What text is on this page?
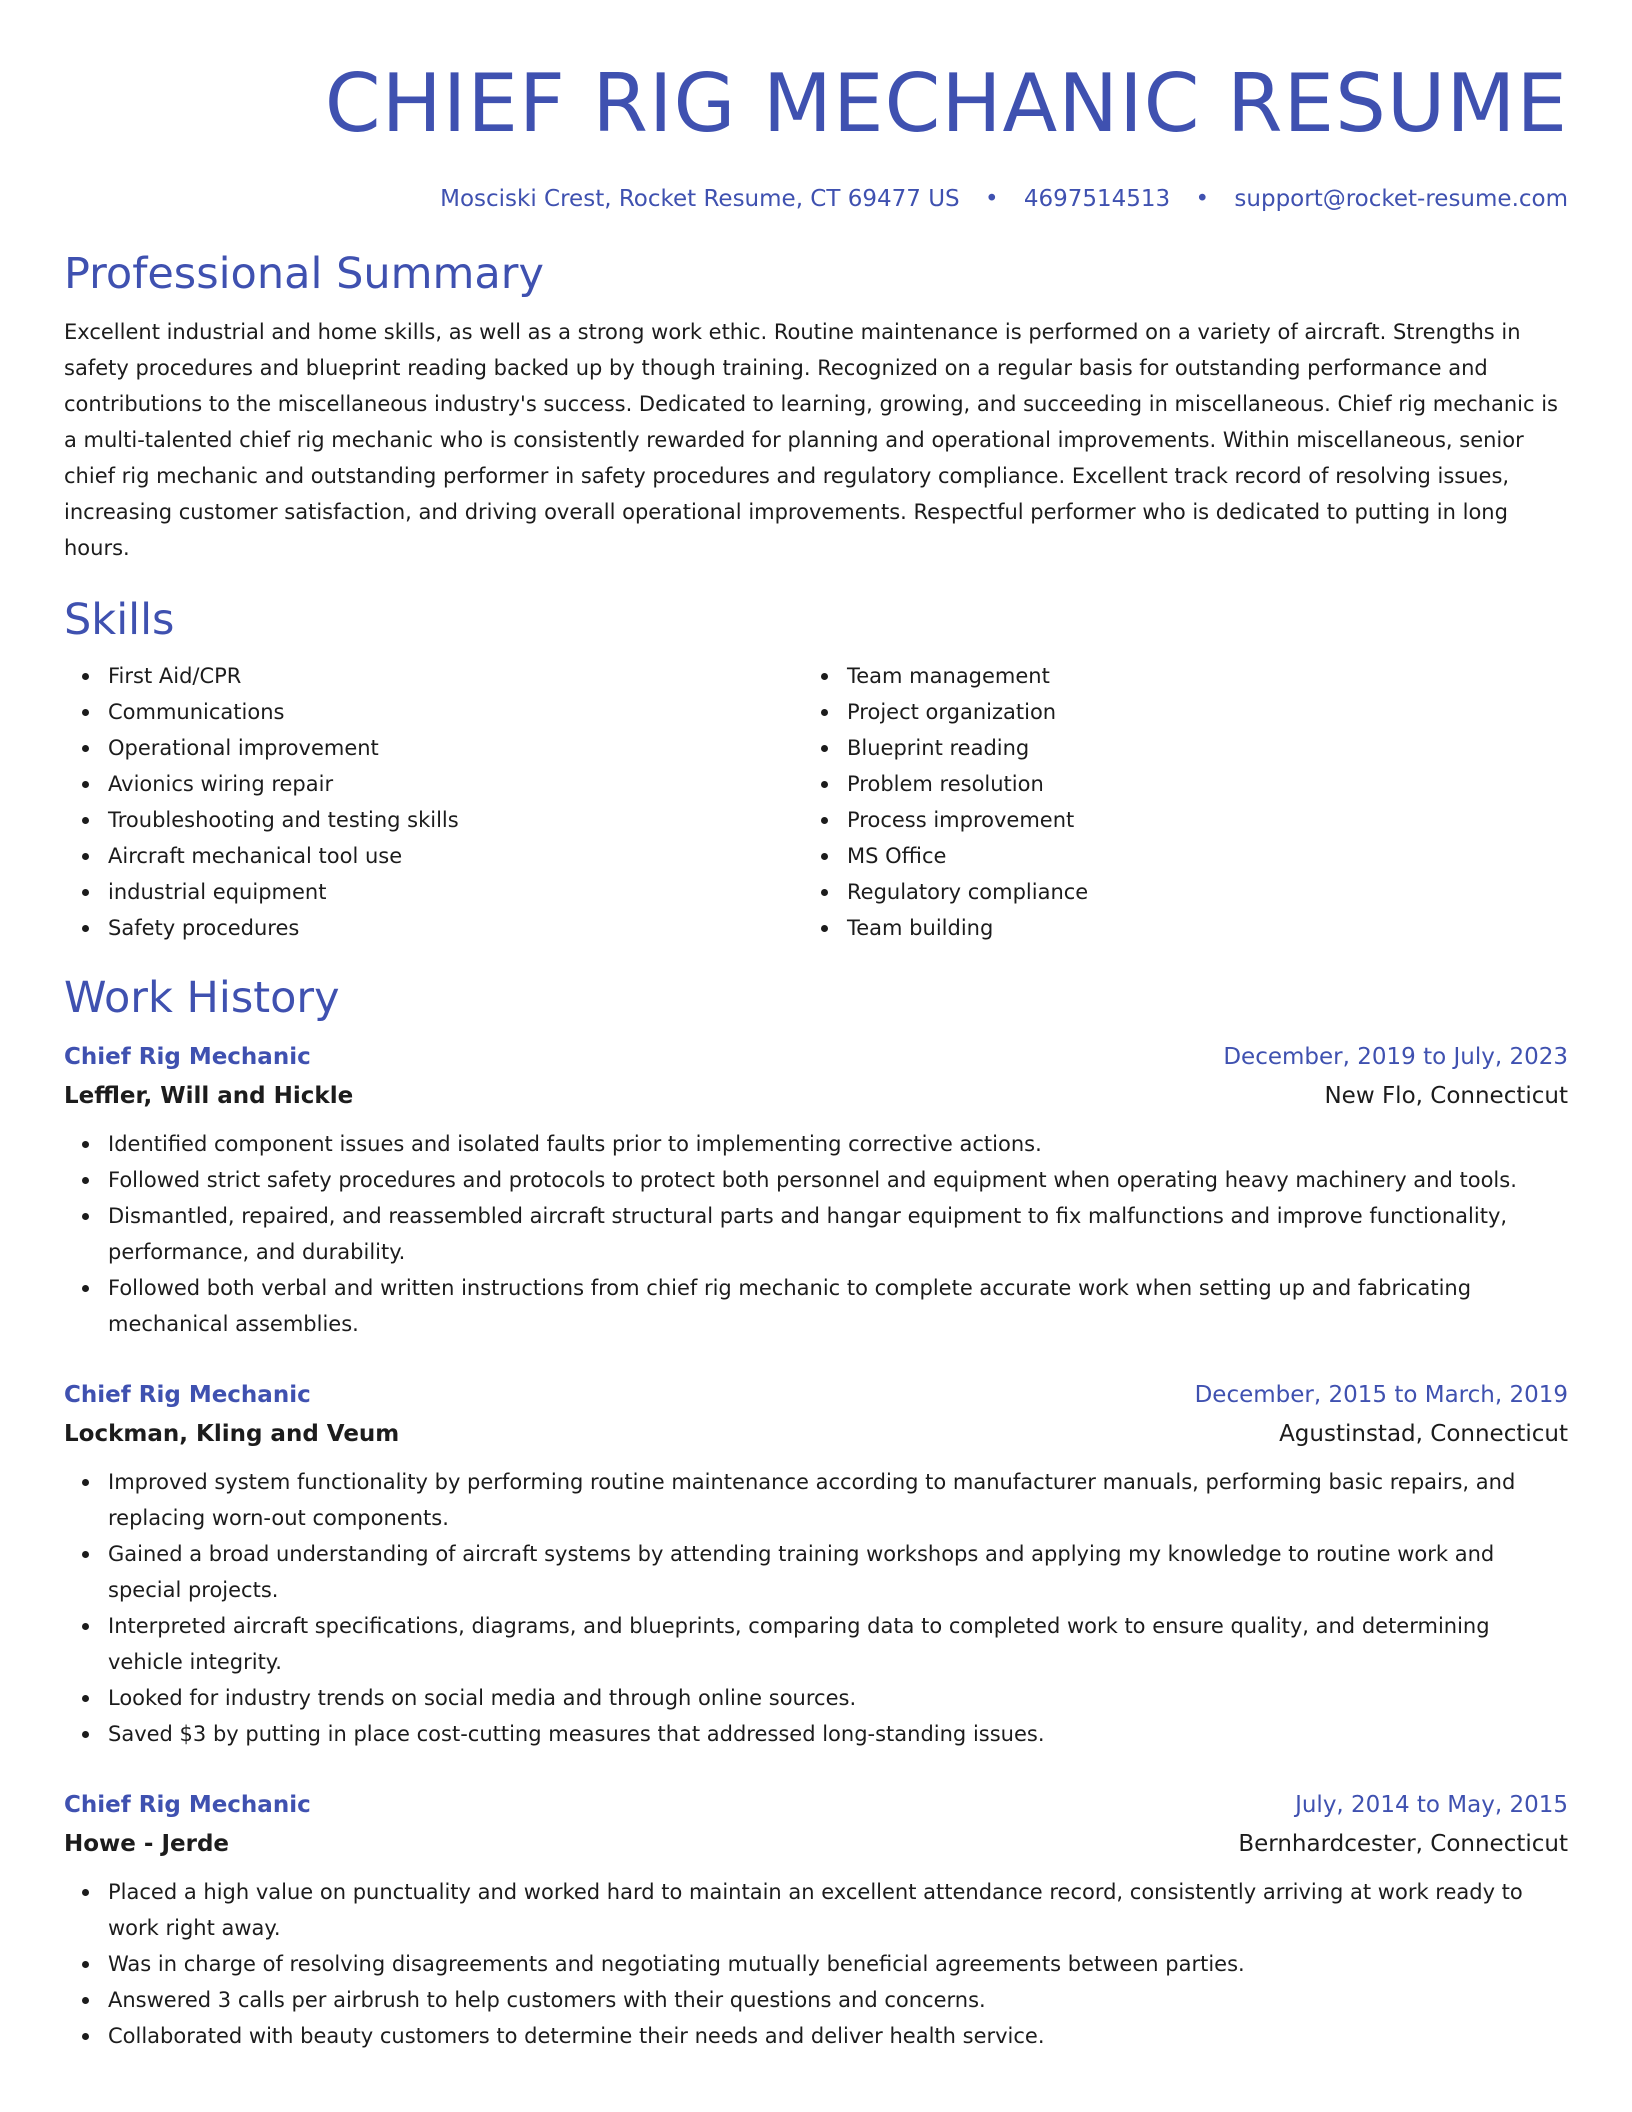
CHIEF RIG MECHANIC RESUME
Mosciski Crest, Rocket Resume, CT 69477 US • 4697514513 • support@rocket-resume.com
Professional Summary

Excellent industrial and home skills, as well as a strong work ethic. Routine maintenance is performed on a variety of aircraft. Strengths in safety procedures and blueprint reading backed up by though training. Recognized on a regular basis for outstanding performance and contributions to the miscellaneous industry's success. Dedicated to learning, growing, and succeeding in miscellaneous. Chief rig mechanic is a multi-talented chief rig mechanic who is consistently rewarded for planning and operational improvements. Within miscellaneous, senior chief rig mechanic and outstanding performer in safety procedures and regulatory compliance. Excellent track record of resolving issues, increasing customer satisfaction, and driving overall operational improvements. Respectful performer who is dedicated to putting in long hours.

Skills
First Aid/CPR
Communications
Operational improvement
Avionics wiring repair
Troubleshooting and testing skills
Aircraft mechanical tool use
industrial equipment
Safety procedures
Team management
Project organization
Blueprint reading
Problem resolution
Process improvement
MS Office
Regulatory compliance
Team building
Work History
Chief Rig Mechanic	December, 2019 to July, 2023
Leffler, Will and Hickle	New Flo, Connecticut
Identified component issues and isolated faults prior to implementing corrective actions.
Followed strict safety procedures and protocols to protect both personnel and equipment when operating heavy machinery and tools.
Dismantled, repaired, and reassembled aircraft structural parts and hangar equipment to fix malfunctions and improve functionality, performance, and durability.
Followed both verbal and written instructions from chief rig mechanic to complete accurate work when setting up and fabricating mechanical assemblies.
Chief Rig Mechanic	December, 2015 to March, 2019
Lockman, Kling and Veum	Agustinstad, Connecticut
Improved system functionality by performing routine maintenance according to manufacturer manuals, performing basic repairs, and replacing worn-out components.
Gained a broad understanding of aircraft systems by attending training workshops and applying my knowledge to routine work and special projects.
Interpreted aircraft specifications, diagrams, and blueprints, comparing data to completed work to ensure quality, and determining vehicle integrity.
Looked for industry trends on social media and through online sources.
Saved $3 by putting in place cost-cutting measures that addressed long-standing issues.
Chief Rig Mechanic	July, 2014 to May, 2015
Howe - Jerde	Bernhardcester, Connecticut
Placed a high value on punctuality and worked hard to maintain an excellent attendance record, consistently arriving at work ready to work right away.
Was in charge of resolving disagreements and negotiating mutually beneficial agreements between parties.
Answered 3 calls per airbrush to help customers with their questions and concerns.
Collaborated with beauty customers to determine their needs and deliver health service.
